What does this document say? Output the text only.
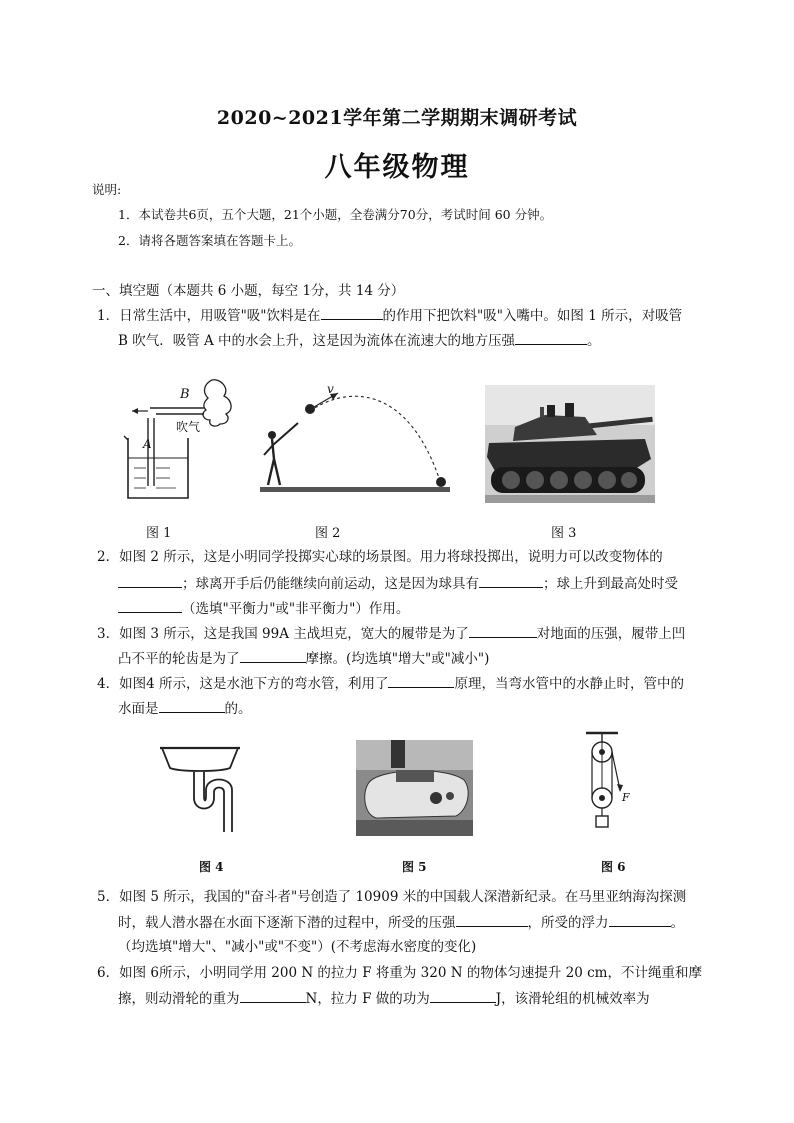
2020~2021学年第二学期期末调研考试
八年级物理
说明:
1．本试卷共6页，五个大题，21个小题，全卷满分70分，考试时间 60 分钟。
2．请将各题答案填在答题卡上。
一、填空题（本题共 6 小题，每空 1分，共 14 分）
1．日常生活中，用吸管"吸"饮料是在	的作用下把饮料"吸"入嘴中。如图 1 所示，对吸管
B 吹气．吸管 A 中的水会上升，这是因为流体在流速大的地方压强	。
B
A
吹气
v
图 1	图 2	图 3
2．如图 2 所示，这是小明同学投掷实心球的场景图。用力将球投掷出，说明力可以改变物体的
；球离开手后仍能继续向前运动，这是因为球具有	；球上升到最高处时受
（选填"平衡力"或"非平衡力"）作用。
3．如图 3 所示，这是我国 99A 主战坦克，宽大的履带是为了	对地面的压强，履带上凹
凸不平的轮齿是为了	摩擦。(均选填"增大"或"减小")
4．如图4 所示，这是水池下方的弯水管，利用了	原理，当弯水管中的水静止时，管中的
水面是	的。
F
图 4	图 5	图 6
5．如图 5 所示，我国的"奋斗者"号创造了 10909 米的中国载人深潜新纪录。在马里亚纳海沟探测
时，载人潜水器在水面下逐渐下潜的过程中，所受的压强	，所受的浮力	。
（均选填"增大"、"减小"或"不变"）(不考虑海水密度的变化)
6．如图 6所示，小明同学用 200 N 的拉力 F 将重为 320 N 的物体匀速提升 20 cm，不计绳重和摩
擦，则动滑轮的重为	N，拉力 F 做的功为	J，该滑轮组的机械效率为
